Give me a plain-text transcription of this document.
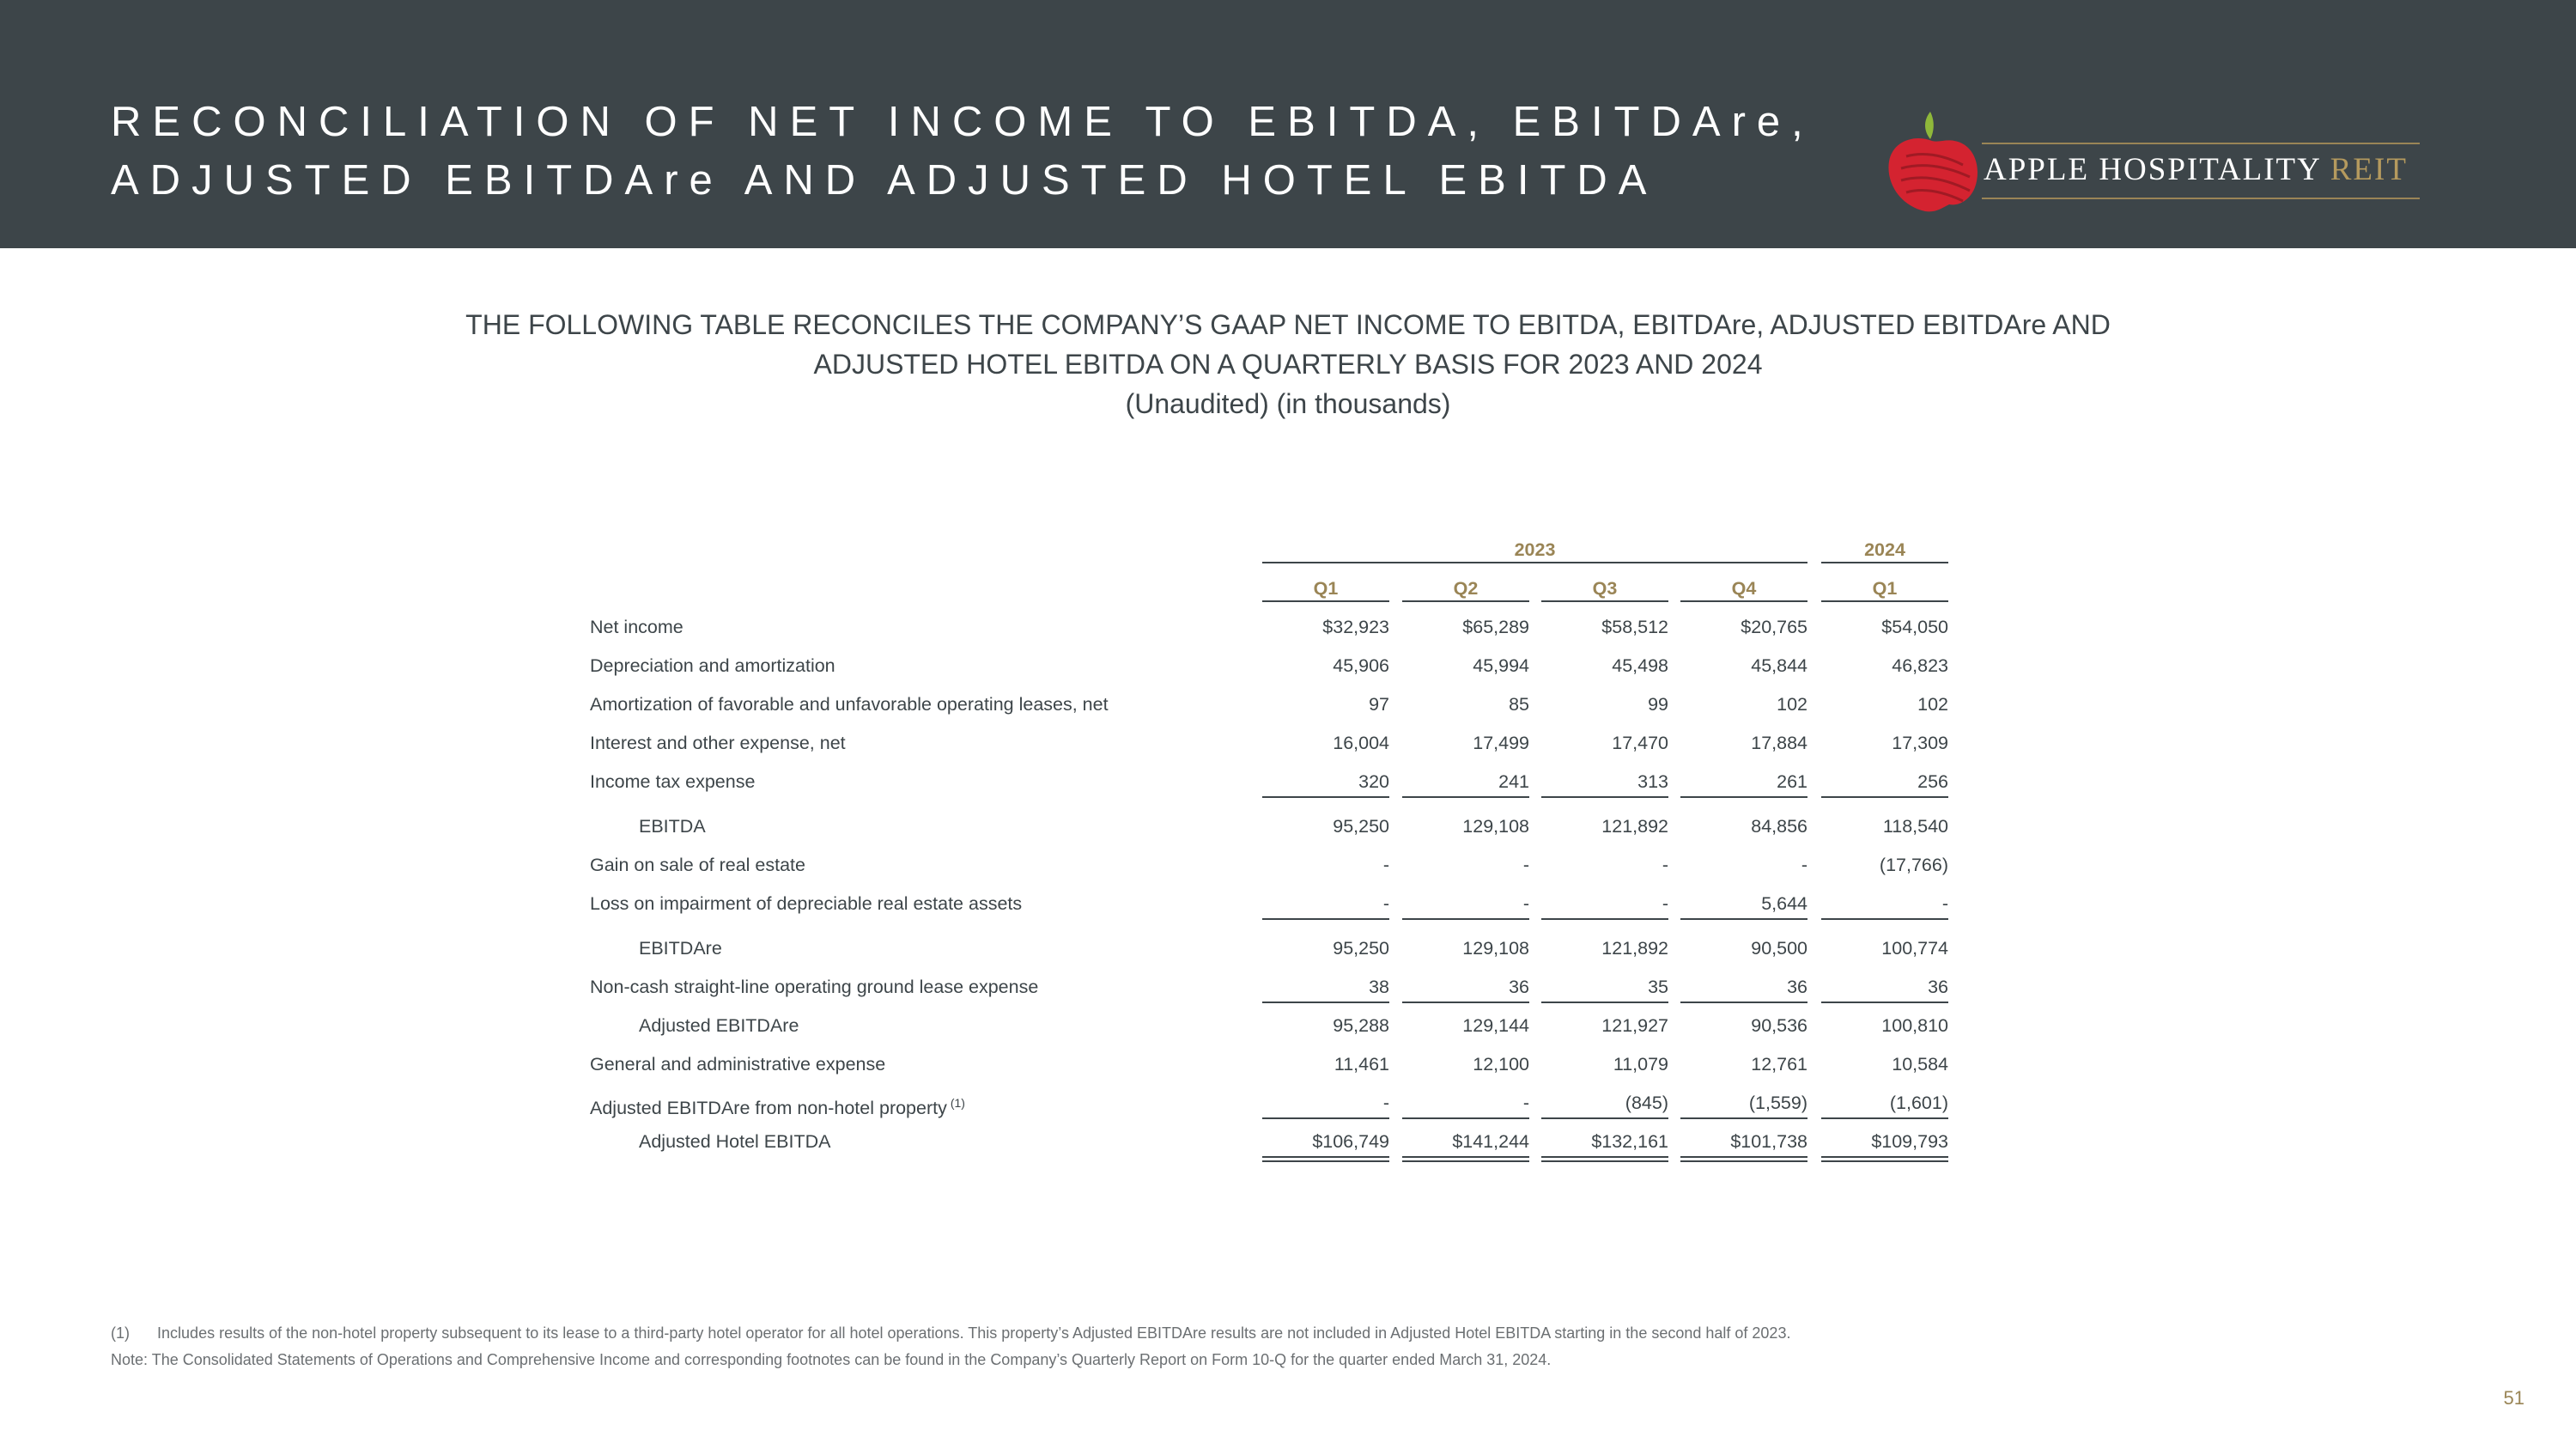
RECONCILIATION OF NET INCOME TO EBITDA, EBITDAre,
ADJUSTED EBITDAre AND ADJUSTED HOTEL EBITDA	APPLE HOSPITALITY REIT
THE FOLLOWING TABLE RECONCILES THE COMPANY’S GAAP NET INCOME TO EBITDA, EBITDAre, ADJUSTED EBITDAre AND
ADJUSTED HOTEL EBITDA ON A QUARTERLY BASIS FOR 2023 AND 2024
(Unaudited) (in thousands)
2023	2024
Q1	Q2	Q3	Q4	Q1
Net income	$32,923	$65,289	$58,512	$20,765	$54,050
Depreciation and amortization	45,906	45,994	45,498	45,844	46,823
Amortization of favorable and unfavorable operating leases, net	97	85	99	102	102
Interest and other expense, net	16,004	17,499	17,470	17,884	17,309
Income tax expense	320	241	313	261	256
EBITDA	95,250	129,108	121,892	84,856	118,540
Gain on sale of real estate	-	-	-	-	(17,766)
Loss on impairment of depreciable real estate assets	-	-	-	5,644	-
EBITDAre	95,250	129,108	121,892	90,500	100,774
Non-cash straight-line operating ground lease expense	38	36	35	36	36
Adjusted EBITDAre	95,288	129,144	121,927	90,536	100,810
General and administrative expense	11,461	12,100	11,079	12,761	10,584
Adjusted EBITDAre from non-hotel property $^{(1)}$	-	-	(845)	(1,559)	(1,601)
Adjusted Hotel EBITDA	$106,749	$141,244	$132,161	$101,738	$109,793
(1) Includes results of the non-hotel property subsequent to its lease to a third-party hotel operator for all hotel operations. This property’s Adjusted EBITDAre results are not included in Adjusted Hotel EBITDA starting in the second half of 2023.
Note: The Consolidated Statements of Operations and Comprehensive Income and corresponding footnotes can be found in the Company’s Quarterly Report on Form 10-Q for the quarter ended March 31, 2024.
51
